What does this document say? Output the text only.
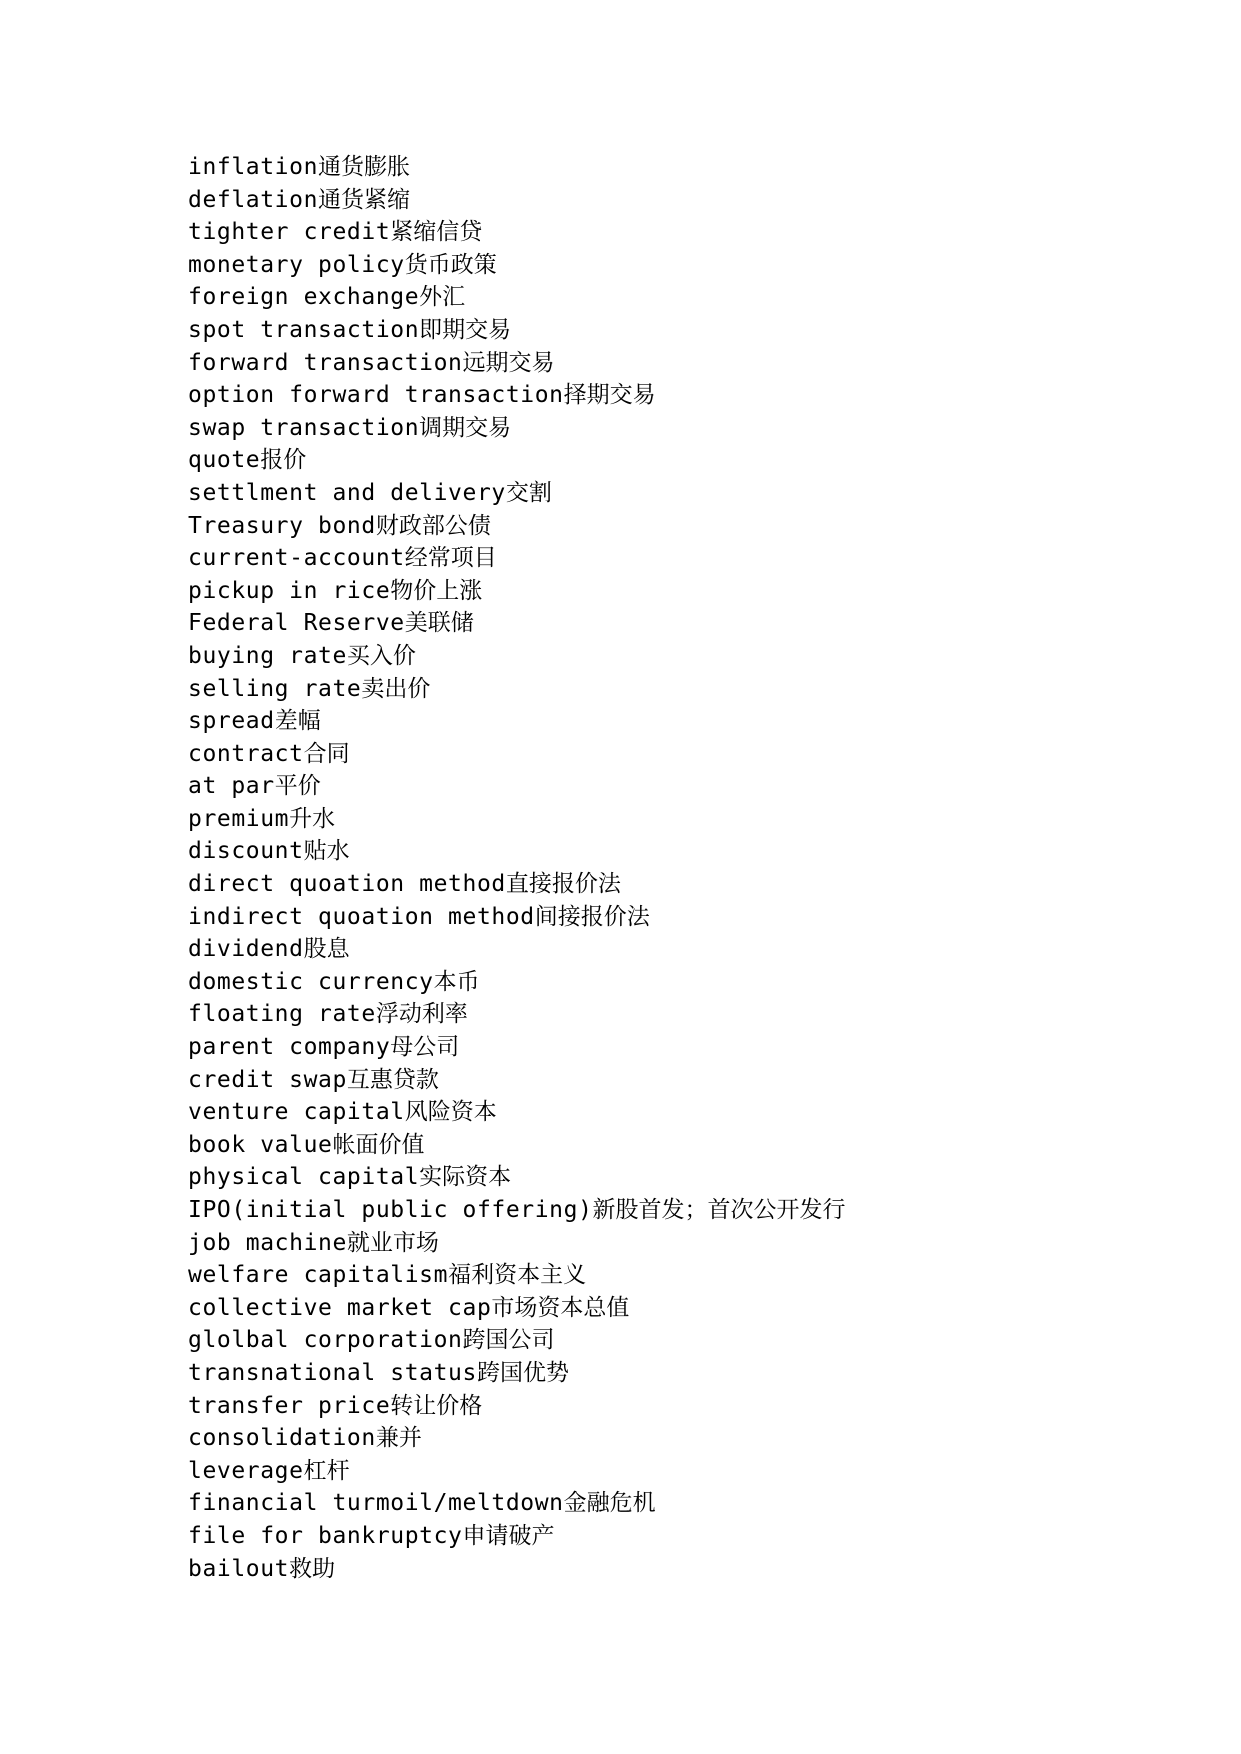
inflation通货膨胀
deflation通货紧缩
tighter credit紧缩信贷
monetary policy货币政策
foreign exchange外汇
spot transaction即期交易
forward transaction远期交易
option forward transaction择期交易
swap transaction调期交易
quote报价
settlment and delivery交割
Treasury bond财政部公债
current-account经常项目
pickup in rice物价上涨
Federal Reserve美联储
buying rate买入价
selling rate卖出价
spread差幅
contract合同
at par平价
premium升水
discount贴水
direct quoation method直接报价法
indirect quoation method间接报价法
dividend股息
domestic currency本币
floating rate浮动利率
parent company母公司
credit swap互惠贷款
venture capital风险资本
book value帐面价值
physical capital实际资本
IPO(initial public offering)新股首发；首次公开发行
job machine就业市场
welfare capitalism福利资本主义
collective market cap市场资本总值
glolbal corporation跨国公司
transnational status跨国优势
transfer price转让价格
consolidation兼并
leverage杠杆
financial turmoil/meltdown金融危机
file for bankruptcy申请破产
bailout救助
